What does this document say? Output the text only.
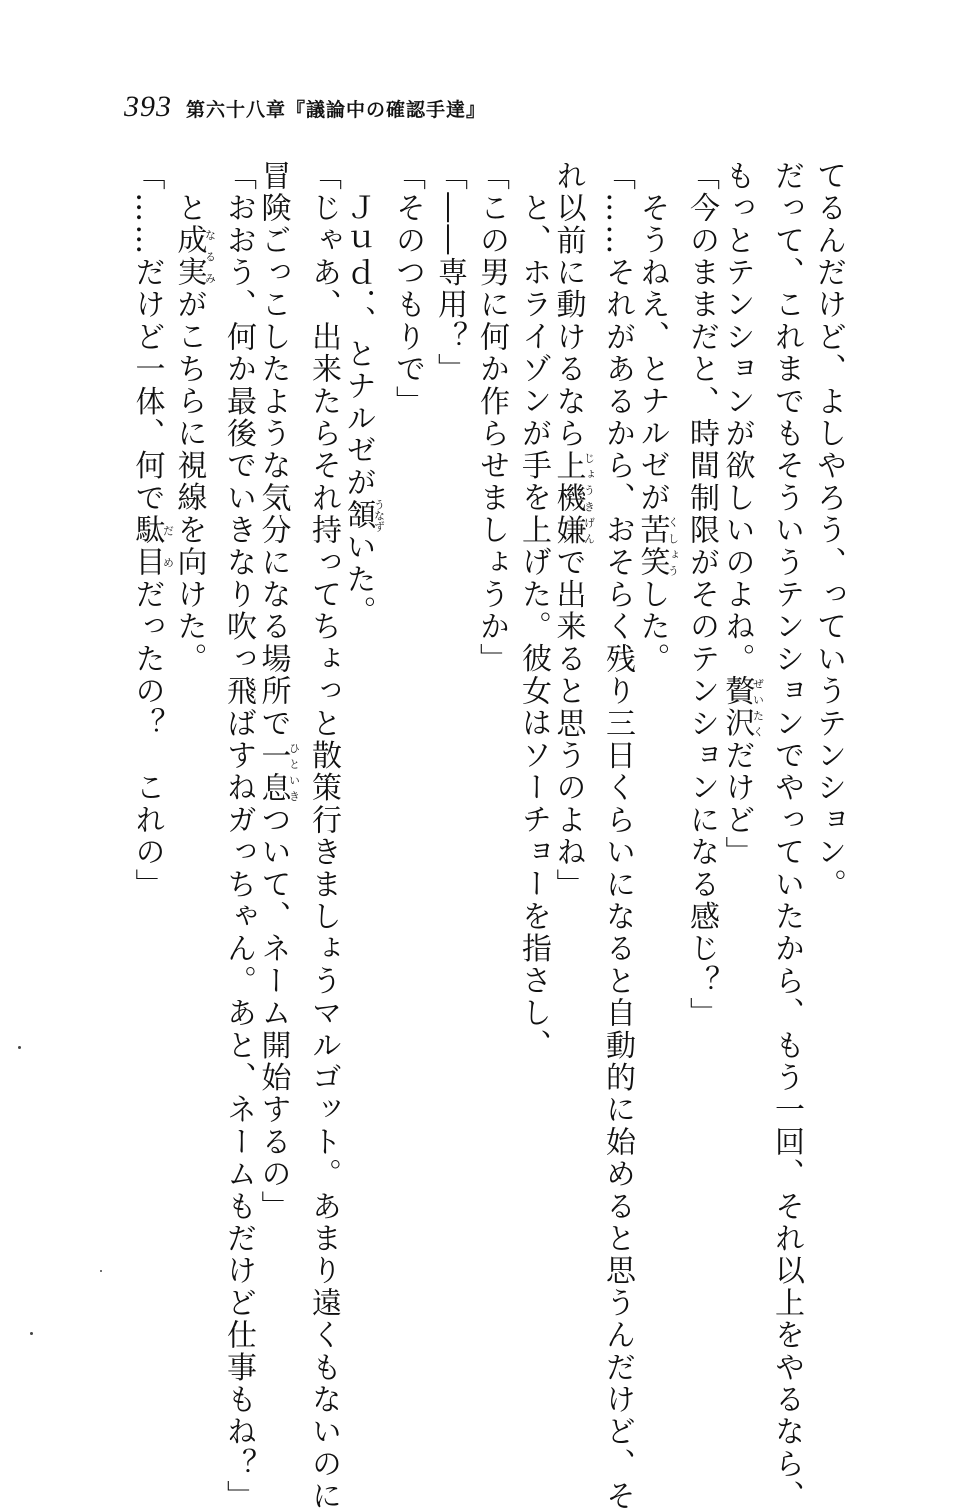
393 第六十八章『議論中の確認手達』
てるんだけど、よしやろう、っていうテンション。
だって、これまでもそういうテンションでやっていたから、もう一回、それ以上をやるなら、
もっとテンションが欲しいのよね。贅沢ぜいたくだけど」
「今のままだと、時間制限がそのテンションになる感じ？」
そうねえ、とナルゼが苦笑くしょうした。
「……それがあるから、おそらく残り三日くらいになると自動的に始めると思うんだけど、そ
れ以前に動けるなら上機嫌じょうきげんで出来ると思うのよね」
と、ホライゾンが手を上げた。彼女はソーチョーを指さし、
「この男に何か作らせましょうか」
「――専用？」
「そのつもりで」
Ｊｕｄ．、とナルゼが頷うなずいた。
「じゃあ、出来たらそれ持ってちょっと散策行きましょうマルゴット。あまり遠くもないのに
冒険ごっこしたような気分になる場所で一息ひといきついて、ネーム開始するの」
「おおう、何か最後でいきなり吹っ飛ばすねガっちゃん。あと、ネームもだけど仕事もね？」
と成実なるみがこちらに視線を向けた。
「……だけど一体、何で駄目だめだったの？　これの」
